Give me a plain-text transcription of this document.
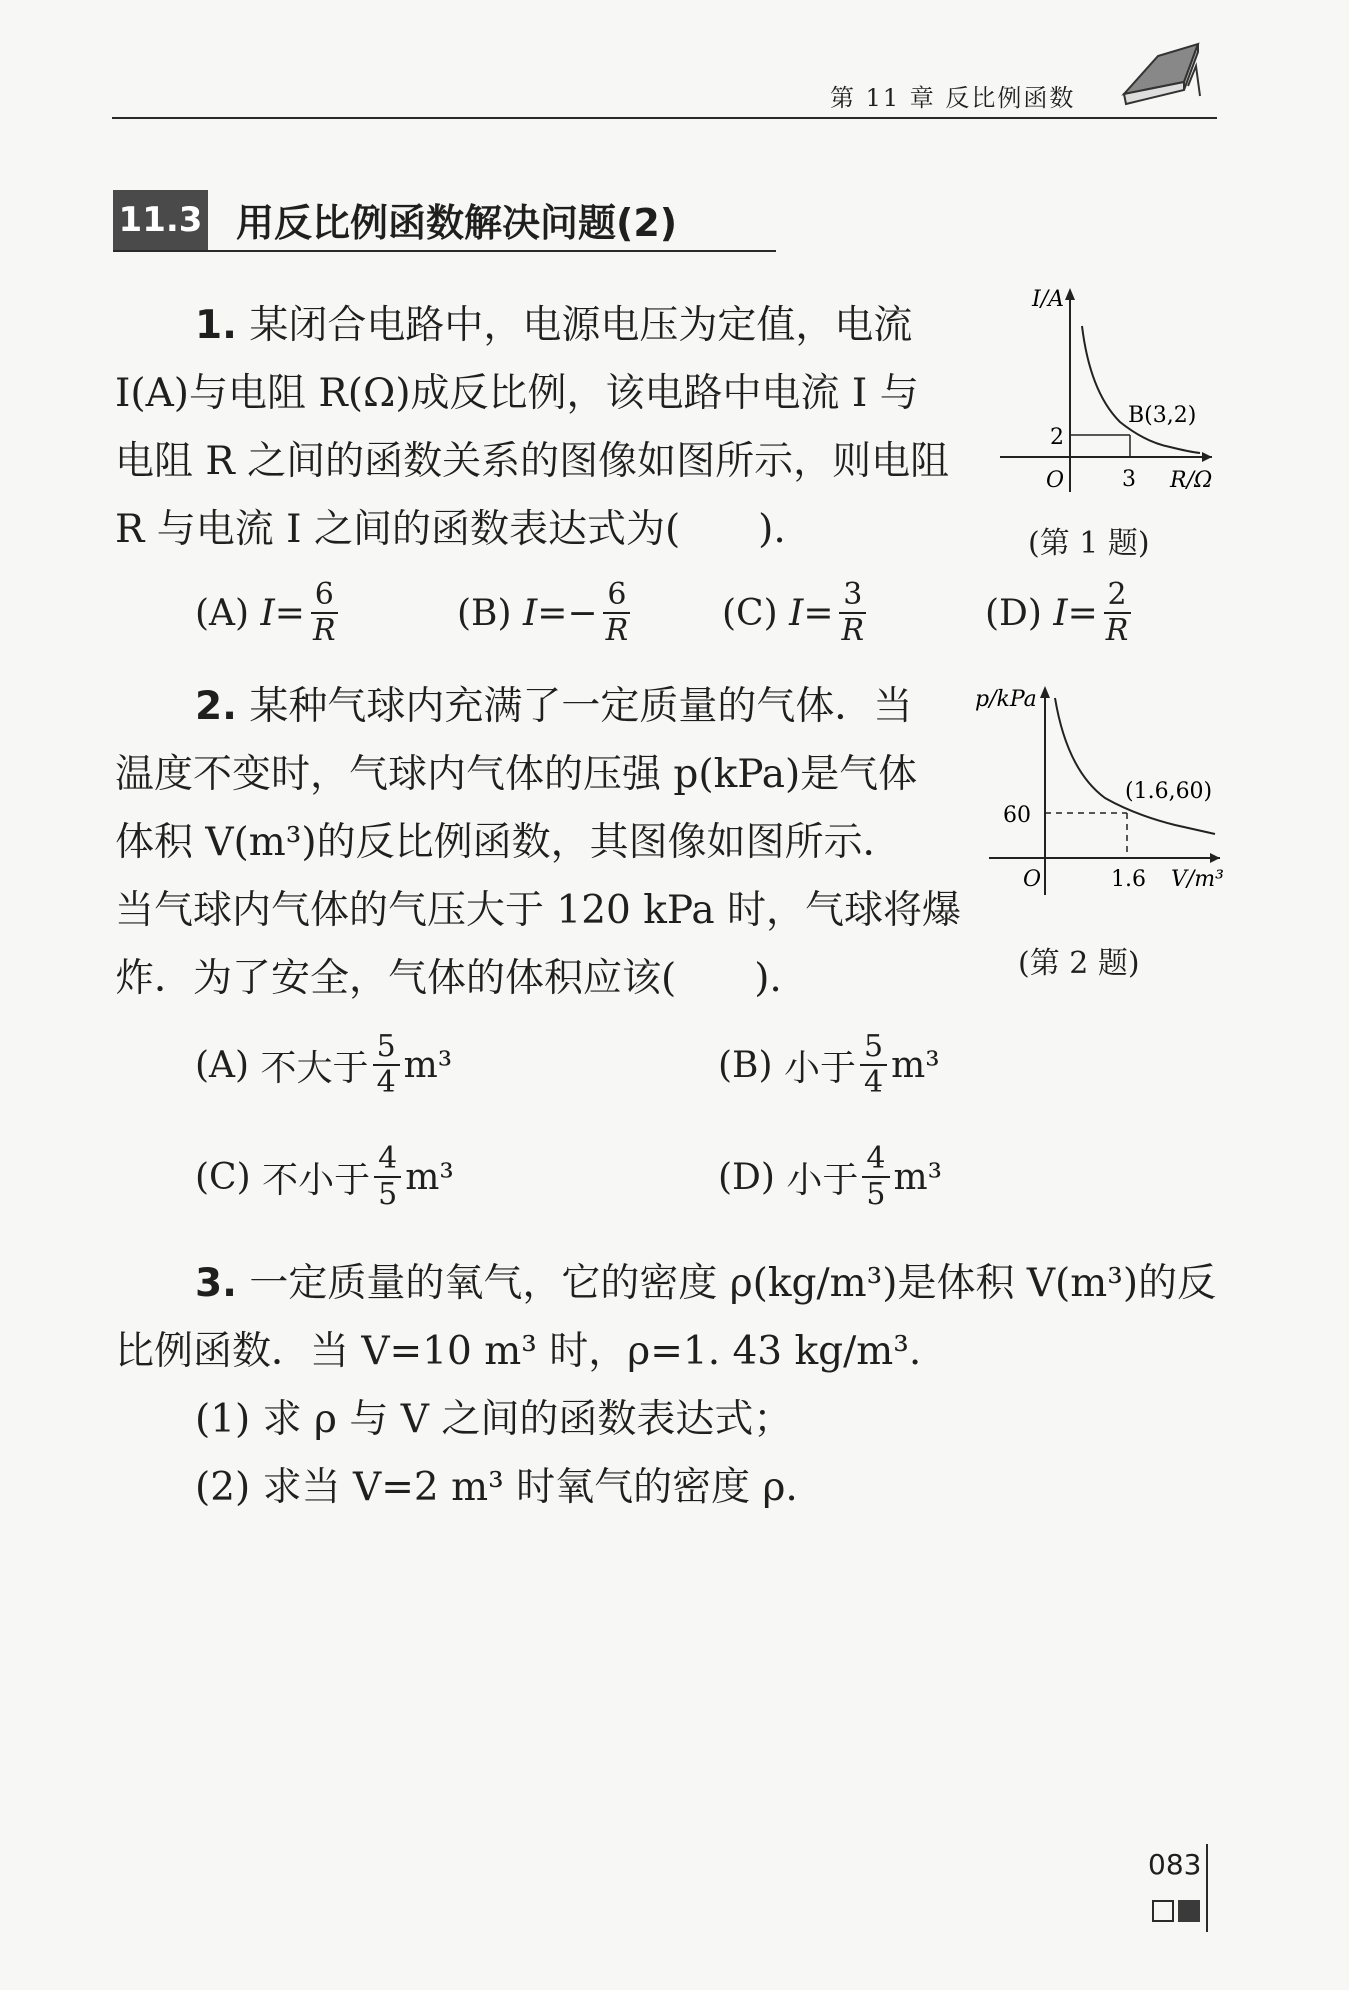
第 11 章 反比例函数
11.3 用反比例函数解决问题(2)
1. 某闭合电路中，电源电压为定值，电流
I(A)与电阻 R(Ω)成反比例，该电路中电流 I 与
电阻 R 之间的函数关系的图像如图所示，则电阻
R 与电流 I 之间的函数表达式为(　　).
(A)
$I= \frac{6}{R}$	(B)
$I=- \frac{6}{R} (C)$
$I= \frac{3}{R}$	(D)
$I= \frac{2}{R}$
I/A
R/Ω
O	3
2
B(3,2)
(第 1 题)
2. 某种气球内充满了一定质量的气体．当
温度不变时，气球内气体的压强 p(kPa)是气体
体积 V(m³)的反比例函数，其图像如图所示．
当气球内气体的气压大于 120 kPa 时，气球将爆
炸．为了安全，气体的体积应该(　　).
(A)
不大于 $\frac{5}{4} m^3$	(B)
小于 $\frac{5}{4} m^3$
(C)
不小于 $\frac{4}{5} m^3$	(D)
小于 $\frac{4}{5} m^3$
p/kPa
V/m³
O	1.6
60
(1.6,60)
(第 2 题)
3. 一定质量的氧气，它的密度 ρ(kg/m³)是体积 V(m³)的反
比例函数．当 V=10 m³ 时，ρ=1. 43 kg/m³.
(1) 求 ρ 与 V 之间的函数表达式；
(2) 求当 V=2 m³ 时氧气的密度 ρ.
083
